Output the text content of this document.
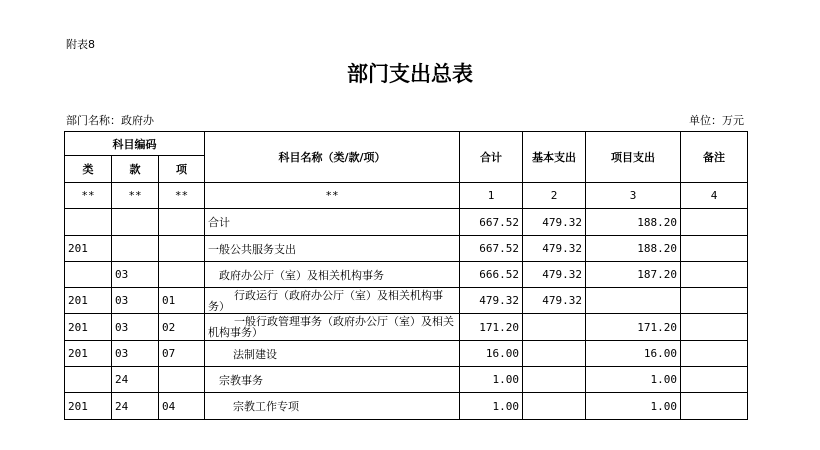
附表8
部门支出总表
部门名称：政府办	单位：万元
科目编码			科目名称（类/款/项）	合计	基本支出	项目支出	备注
类	款	项					
**	**	**	**	1	2	3	4
			合计	667.52	479.32	188.20	
201			一般公共服务支出	667.52	479.32	188.20	
	03		政府办公厅（室）及相关机构事务	666.52	479.32	187.20	
201	03	01	行政运行（政府办公厅（室）及相关机构事务）	479.32	479.32		
201	03	02	一般行政管理事务（政府办公厅（室）及相关机构事务）	171.20		171.20	
201	03	07	法制建设	16.00		16.00	
	24		宗教事务	1.00		1.00	
201	24	04	宗教工作专项	1.00		1.00	
